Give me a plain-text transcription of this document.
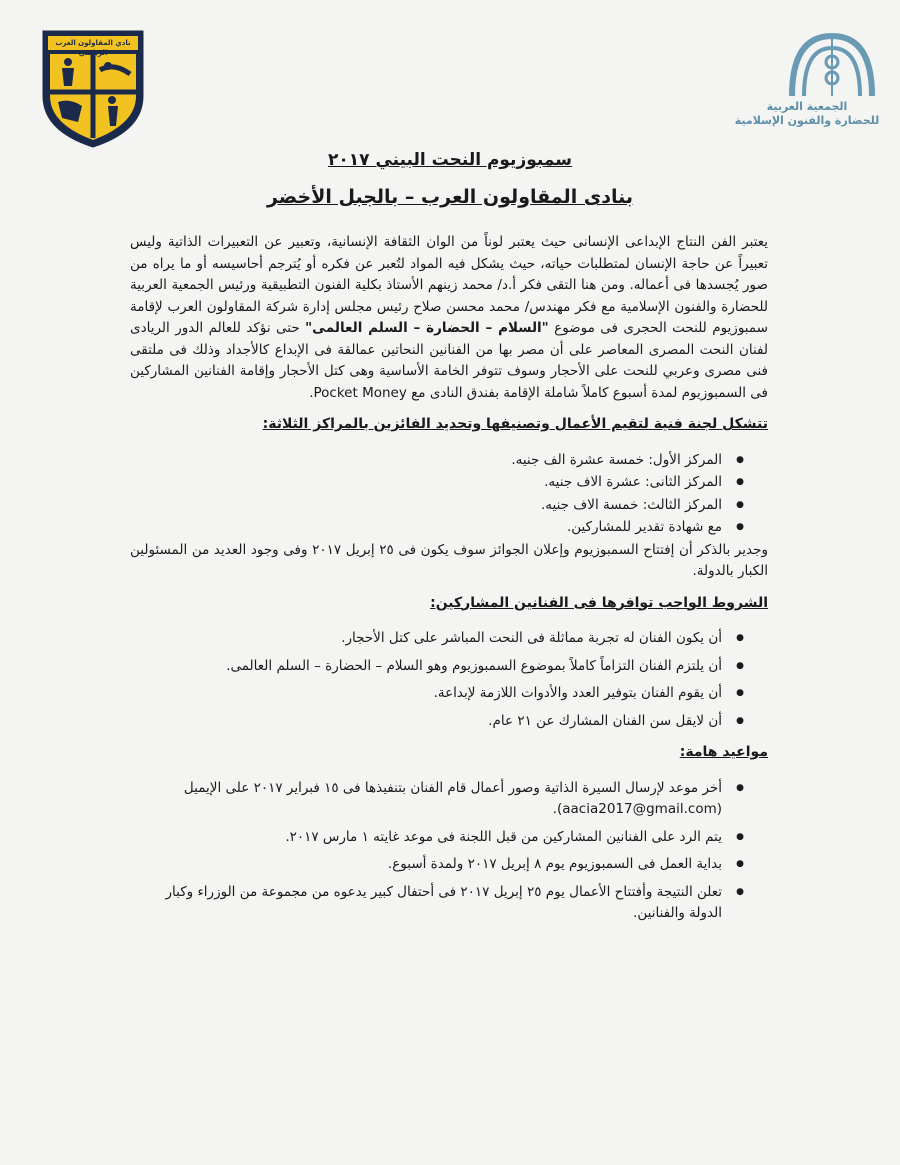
نادي المقاولون العرب الرياضي
الجمعية العربية
للحضارة والفنون الإسلامية
سمبوزيوم النحت البيني ٢٠١٧
بنادى المقاولون العرب – بالجبل الأخضر

يعتبر الفن النتاج الإبداعى الإنسانى حيث يعتبر لوناً من الوان الثقافة الإنسانية، وتعبير عن التعبيرات الذاتية وليس تعبيراً عن حاجة الإنسان لمتطلبات حياته، حيث يشكل فيه المواد لتُعبر عن فكره أو يُترجم أحاسيسه أو ما يراه من صور يُجسدها فى أعماله. ومن هنا التقى فكر أ.د/ محمد زينهم الأستاذ بكلية الفنون التطبيقية ورئيس الجمعية العربية للحضارة والفنون الإسلامية مع فكر مهندس/ محمد محسن صلاح رئيس مجلس إدارة شركة المقاولون العرب لإقامة سمبوزيوم للنحت الحجرى فى موضوع "السلام – الحضارة – السلم العالمى" حتى نؤكد للعالم الدور الريادى لفنان النحت المصرى المعاصر على أن مصر بها من الفنانين النحاتين عمالقة فى الإبداع كالأجداد وذلك فى ملتقى فنى مصرى وعربي للنحت على الأحجار وسوف تتوفر الخامة الأساسية وهى كتل الأحجار وإقامة الفنانين المشاركين فى السمبوزيوم لمدة أسبوع كاملاً شاملة الإقامة بفندق النادى مع Pocket Money.

تتشكل لجنة فنية لتقيم الأعمال وتصنيفها وتحديد الفائزين بالمراكز الثلاثة:
● المركز الأول: خمسة عشرة الف جنيه.
● المركز الثانى: عشرة الاف جنيه.
● المركز الثالث: خمسة الاف جنيه.
● مع شهادة تقدير للمشاركين.

وجدير بالذكر أن إفتتاح السمبوزيوم وإعلان الجوائز سوف يكون فى ٢٥ إبريل ٢٠١٧ وفى وجود العديد من المسئولين الكبار بالدولة.

الشروط الواجب توافرها فى الفنانين المشاركين:
● أن يكون الفنان له تجربة مماثلة فى النحت المباشر على كتل الأحجار.
● أن يلتزم الفنان التزاماً كاملاً بموضوع السمبوزيوم وهو السلام – الحضارة – السلم العالمى.
● أن يقوم الفنان بتوفير العدد والأدوات اللازمة لإبداعة.
● أن لايقل سن الفنان المشارك عن ٢١ عام.
مواعيد هامة:
● أخر موعد لإرسال السيرة الذاتية وصور أعمال قام الفنان بتنفيذها فى ١٥ فبراير ٢٠١٧ على الإيميل (aacia2017@gmail.com).
● يتم الرد على الفنانين المشاركين من قبل اللجنة فى موعد غايته ١ مارس ٢٠١٧.
● بداية العمل فى السمبوزيوم يوم ٨ إبريل ٢٠١٧ ولمدة أسبوع.
● تعلن النتيجة وأفتتاح الأعمال يوم ٢٥ إبريل ٢٠١٧ فى أحتفال كبير يدعوه من مجموعة من الوزراء وكبار الدولة والفنانين.
